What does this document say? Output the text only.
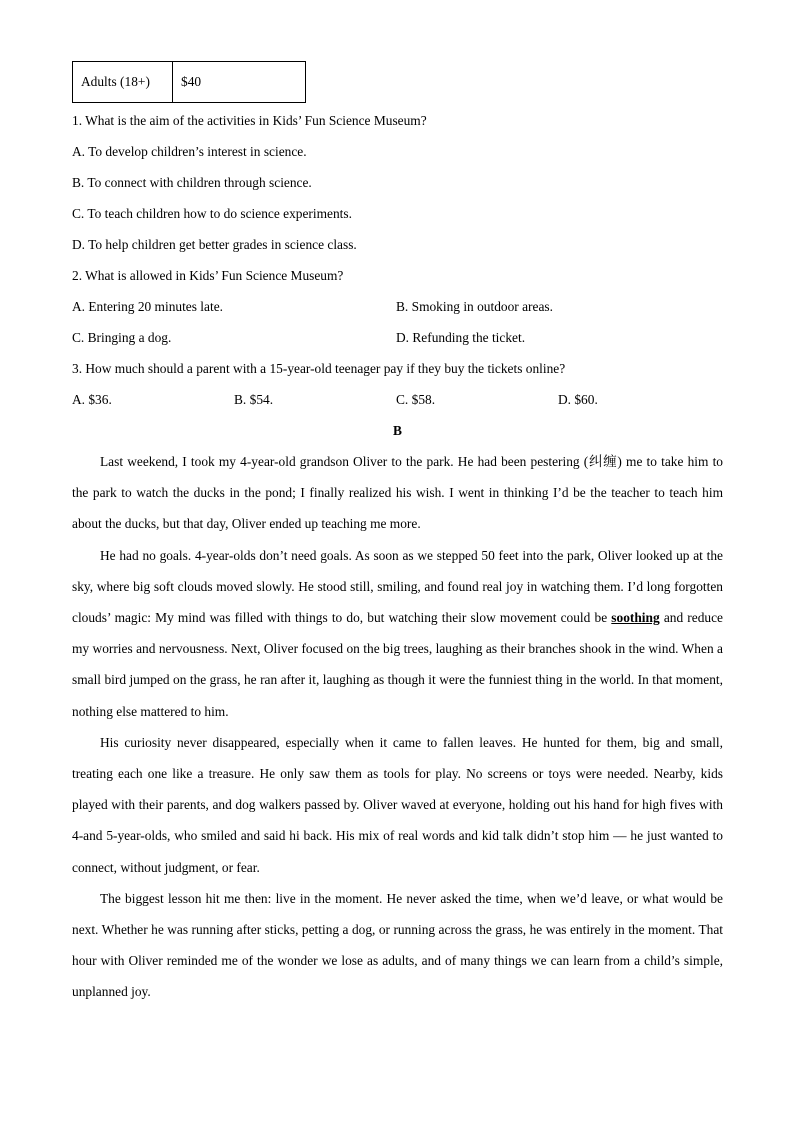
Adults (18+)	$40
1. What is the aim of the activities in Kids’ Fun Science Museum?
A. To develop children’s interest in science.
B. To connect with children through science.
C. To teach children how to do science experiments.
D. To help children get better grades in science class.
2. What is allowed in Kids’ Fun Science Museum?
A. Entering 20 minutes late.	B. Smoking in outdoor areas.
C. Bringing a dog.	D. Refunding the ticket.
3. How much should a parent with a 15-year-old teenager pay if they buy the tickets online?
A. $36.	B. $54.	C. $58.	D. $60.
B

Last weekend, I took my 4-year-old grandson Oliver to the park. He had been pestering (纠缠) me to take him to the park to watch the ducks in the pond; I finally realized his wish. I went in thinking I’d be the teacher to teach him about the ducks, but that day, Oliver ended up teaching me more.

He had no goals. 4-year-olds don’t need goals. As soon as we stepped 50 feet into the park, Oliver looked up at the sky, where big soft clouds moved slowly. He stood still, smiling, and found real joy in watching them. I’d long forgotten clouds’ magic: My mind was filled with things to do, but watching their slow movement could be soothing and reduce my worries and nervousness. Next, Oliver focused on the big trees, laughing as their branches shook in the wind. When a small bird jumped on the grass, he ran after it, laughing as though it were the funniest thing in the world. In that moment, nothing else mattered to him.

His curiosity never disappeared, especially when it came to fallen leaves. He hunted for them, big and small, treating each one like a treasure. He only saw them as tools for play. No screens or toys were needed. Nearby, kids played with their parents, and dog walkers passed by. Oliver waved at everyone, holding out his hand for high fives with 4-and 5-year-olds, who smiled and said hi back. His mix of real words and kid talk didn’t stop him — he just wanted to connect, without judgment, or fear.

The biggest lesson hit me then: live in the moment. He never asked the time, when we’d leave, or what would be next. Whether he was running after sticks, petting a dog, or running across the grass, he was entirely in the moment. That hour with Oliver reminded me of the wonder we lose as adults, and of many things we can learn from a child’s simple, unplanned joy.
